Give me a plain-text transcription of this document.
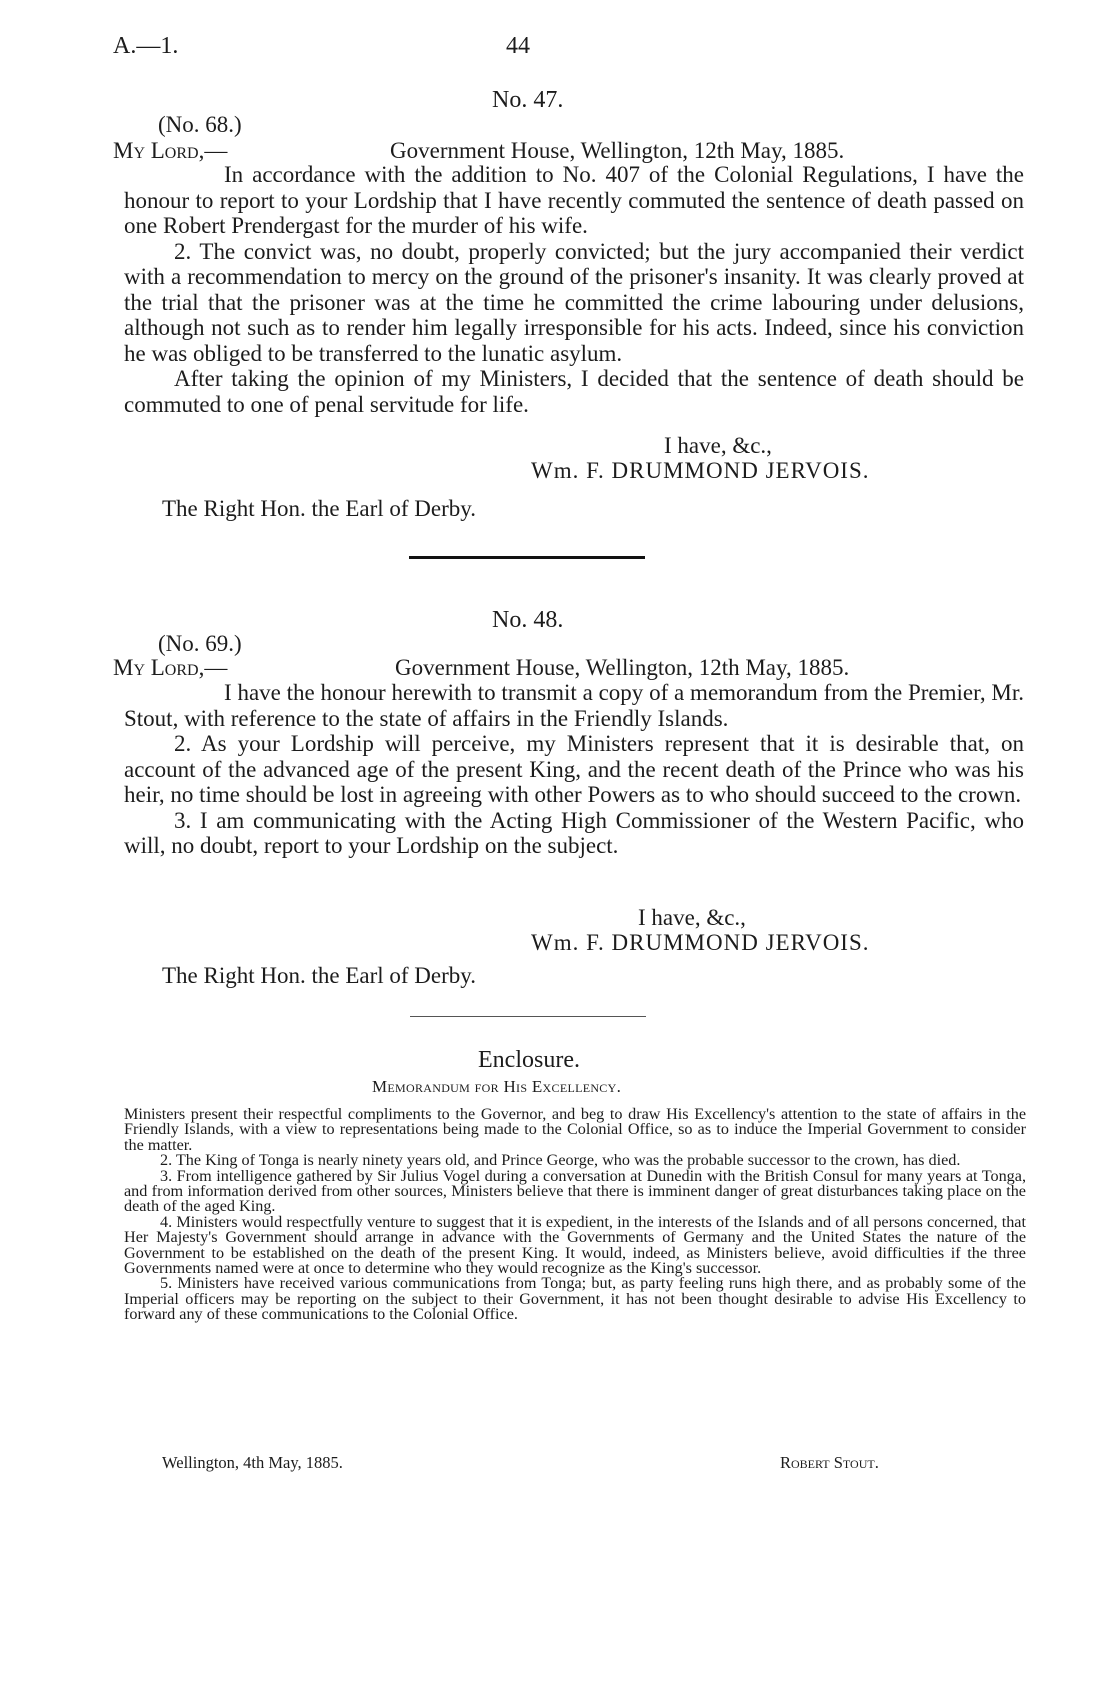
A.—1.	44
No. 47.
(No. 68.)
My Lord,—	Government House, Wellington, 12th May, 1885.

In accordance with the addition to No. 407 of the Colonial Regulations, I have the honour to report to your Lordship that I have recently commuted the sentence of death passed on one Robert Prendergast for the murder of his wife.

2. The convict was, no doubt, properly convicted; but the jury accompanied their verdict with a recommendation to mercy on the ground of the prisoner's insanity. It was clearly proved at the trial that the prisoner was at the time he committed the crime labouring under delusions, although not such as to render him legally irresponsible for his acts. Indeed, since his conviction he was obliged to be transferred to the lunatic asylum.

After taking the opinion of my Ministers, I decided that the sentence of death should be commuted to one of penal servitude for life.

I have, &c.,
Wm. F. DRUMMOND JERVOIS.
The Right Hon. the Earl of Derby.
No. 48.
(No. 69.)
My Lord,—	Government House, Wellington, 12th May, 1885.

I have the honour herewith to transmit a copy of a memorandum from the Premier, Mr. Stout, with reference to the state of affairs in the Friendly Islands.

2. As your Lordship will perceive, my Ministers represent that it is desirable that, on account of the advanced age of the present King, and the recent death of the Prince who was his heir, no time should be lost in agreeing with other Powers as to who should succeed to the crown.

3. I am communicating with the Acting High Commissioner of the Western Pacific, who will, no doubt, report to your Lordship on the subject.

I have, &c.,
Wm. F. DRUMMOND JERVOIS.
The Right Hon. the Earl of Derby.
Enclosure.
Memorandum for His Excellency.

Ministers present their respectful compliments to the Governor, and beg to draw His Excellency's attention to the state of affairs in the Friendly Islands, with a view to representations being made to the Colonial Office, so as to induce the Imperial Government to consider the matter.

2. The King of Tonga is nearly ninety years old, and Prince George, who was the probable successor to the crown, has died.

3. From intelligence gathered by Sir Julius Vogel during a conversation at Dunedin with the British Consul for many years at Tonga, and from information derived from other sources, Ministers believe that there is imminent danger of great disturbances taking place on the death of the aged King.

4. Ministers would respectfully venture to suggest that it is expedient, in the interests of the Islands and of all persons concerned, that Her Majesty's Government should arrange in advance with the Governments of Germany and the United States the nature of the Government to be established on the death of the present King. It would, indeed, as Ministers believe, avoid difficulties if the three Governments named were at once to determine who they would recognize as the King's successor.

5. Ministers have received various communications from Tonga; but, as party feeling runs high there, and as probably some of the Imperial officers may be reporting on the subject to their Government, it has not been thought desirable to advise His Excellency to forward any of these communications to the Colonial Office.

Wellington, 4th May, 1885.	Robert Stout.
